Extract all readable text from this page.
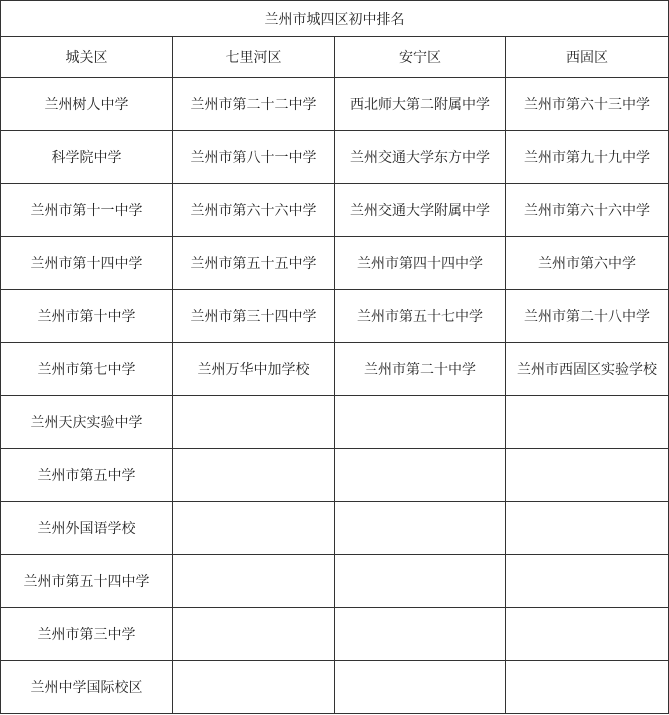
兰州市城四区初中排名			
城关区	七里河区	安宁区	西固区
兰州树人中学	兰州市第二十二中学	西北师大第二附属中学	兰州市第六十三中学
科学院中学	兰州市第八十一中学	兰州交通大学东方中学	兰州市第九十九中学
兰州市第十一中学	兰州市第六十六中学	兰州交通大学附属中学	兰州市第六十六中学
兰州市第十四中学	兰州市第五十五中学	兰州市第四十四中学	兰州市第六中学
兰州市第十中学	兰州市第三十四中学	兰州市第五十七中学	兰州市第二十八中学
兰州市第七中学	兰州万华中加学校	兰州市第二十中学	兰州市西固区实验学校
兰州天庆实验中学			
兰州市第五中学			
兰州外国语学校			
兰州市第五十四中学			
兰州市第三中学			
兰州中学国际校区			
